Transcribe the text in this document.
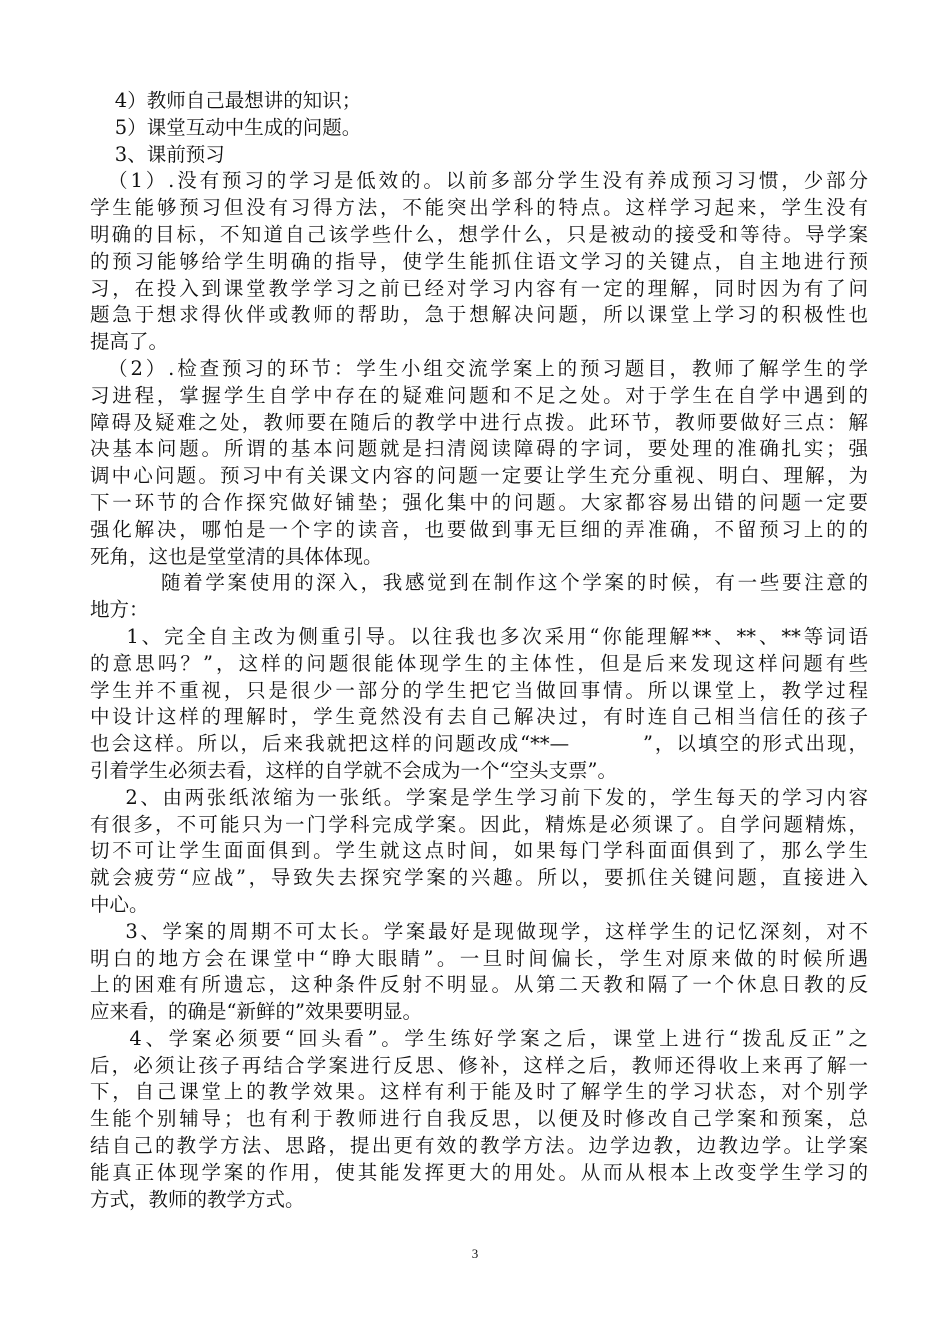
4）教师自己最想讲的知识；
5）课堂互动中生成的问题。
3、课前预习
（1）.没有预习的学习是低效的。以前多部分学生没有养成预习习惯，少部分
学生能够预习但没有习得方法，不能突出学科的特点。这样学习起来，学生没有
明确的目标，不知道自己该学些什么，想学什么，只是被动的接受和等待。导学案
的预习能够给学生明确的指导，使学生能抓住语文学习的关键点，自主地进行预
习，在投入到课堂教学学习之前已经对学习内容有一定的理解，同时因为有了问
题急于想求得伙伴或教师的帮助，急于想解决问题，所以课堂上学习的积极性也
提高了。
（2）.检查预习的环节：学生小组交流学案上的预习题目，教师了解学生的学
习进程，掌握学生自学中存在的疑难问题和不足之处。对于学生在自学中遇到的
障碍及疑难之处，教师要在随后的教学中进行点拨。此环节，教师要做好三点：解
决基本问题。所谓的基本问题就是扫清阅读障碍的字词，要处理的准确扎实；强
调中心问题。预习中有关课文内容的问题一定要让学生充分重视、明白、理解，为
下一环节的合作探究做好铺垫；强化集中的问题。大家都容易出错的问题一定要
强化解决，哪怕是一个字的读音，也要做到事无巨细的弄准确，不留预习上的的
死角，这也是堂堂清的具体体现。
随着学案使用的深入，我感觉到在制作这个学案的时候，有一些要注意的
地方：
1、完全自主改为侧重引导。以往我也多次采用“你能理解**、**、**等词语
的意思吗？”，这样的问题很能体现学生的主体性，但是后来发现这样问题有些
学生并不重视，只是很少一部分的学生把它当做回事情。所以课堂上，教学过程
中设计这样的理解时，学生竟然没有去自己解决过，有时连自己相当信任的孩子
也会这样。所以，后来我就把这样的问题改成“**—         ”，以填空的形式出现，
引着学生必须去看，这样的自学就不会成为一个“空头支票”。
2、由两张纸浓缩为一张纸。学案是学生学习前下发的，学生每天的学习内容
有很多，不可能只为一门学科完成学案。因此，精炼是必须课了。自学问题精炼，
切不可让学生面面俱到。学生就这点时间，如果每门学科面面俱到了，那么学生
就会疲劳“应战”，导致失去探究学案的兴趣。所以，要抓住关键问题，直接进入
中心。
3、学案的周期不可太长。学案最好是现做现学，这样学生的记忆深刻，对不
明白的地方会在课堂中“睁大眼睛”。一旦时间偏长，学生对原来做的时候所遇
上的困难有所遗忘，这种条件反射不明显。从第二天教和隔了一个休息日教的反
应来看，的确是“新鲜的”效果要明显。
4、学案必须要“回头看”。学生练好学案之后，课堂上进行“拨乱反正”之
后，必须让孩子再结合学案进行反思、修补，这样之后，教师还得收上来再了解一
下，自己课堂上的教学效果。这样有利于能及时了解学生的学习状态，对个别学
生能个别辅导；也有利于教师进行自我反思，以便及时修改自己学案和预案，总
结自己的教学方法、思路，提出更有效的教学方法。边学边教，边教边学。让学案
能真正体现学案的作用，使其能发挥更大的用处。从而从根本上改变学生学习的
方式，教师的教学方式。
3
